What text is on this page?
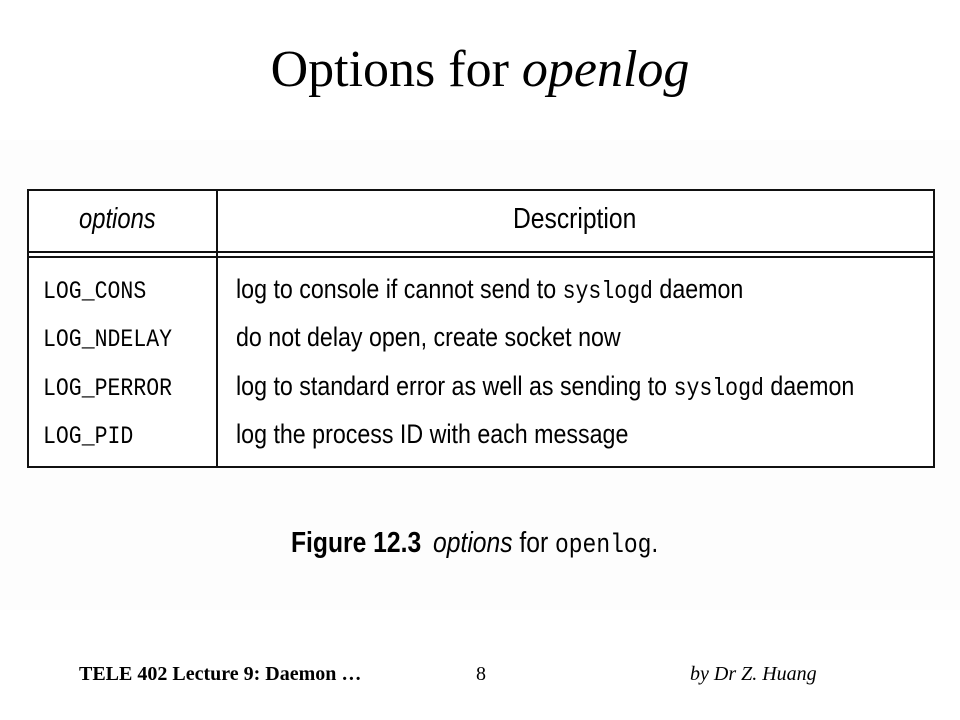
Options for openlog

options	Description
LOG_CONS	log to console if cannot send to syslogd daemon
LOG_NDELAY do not delay open, create socket now
LOG_PERROR log to standard error as well as sending to syslogd daemon
LOG_PID	log the process ID with each message
Figure 12.3 options for openlog.
TELE 402 Lecture 9: Daemon …	8	by Dr Z. Huang
